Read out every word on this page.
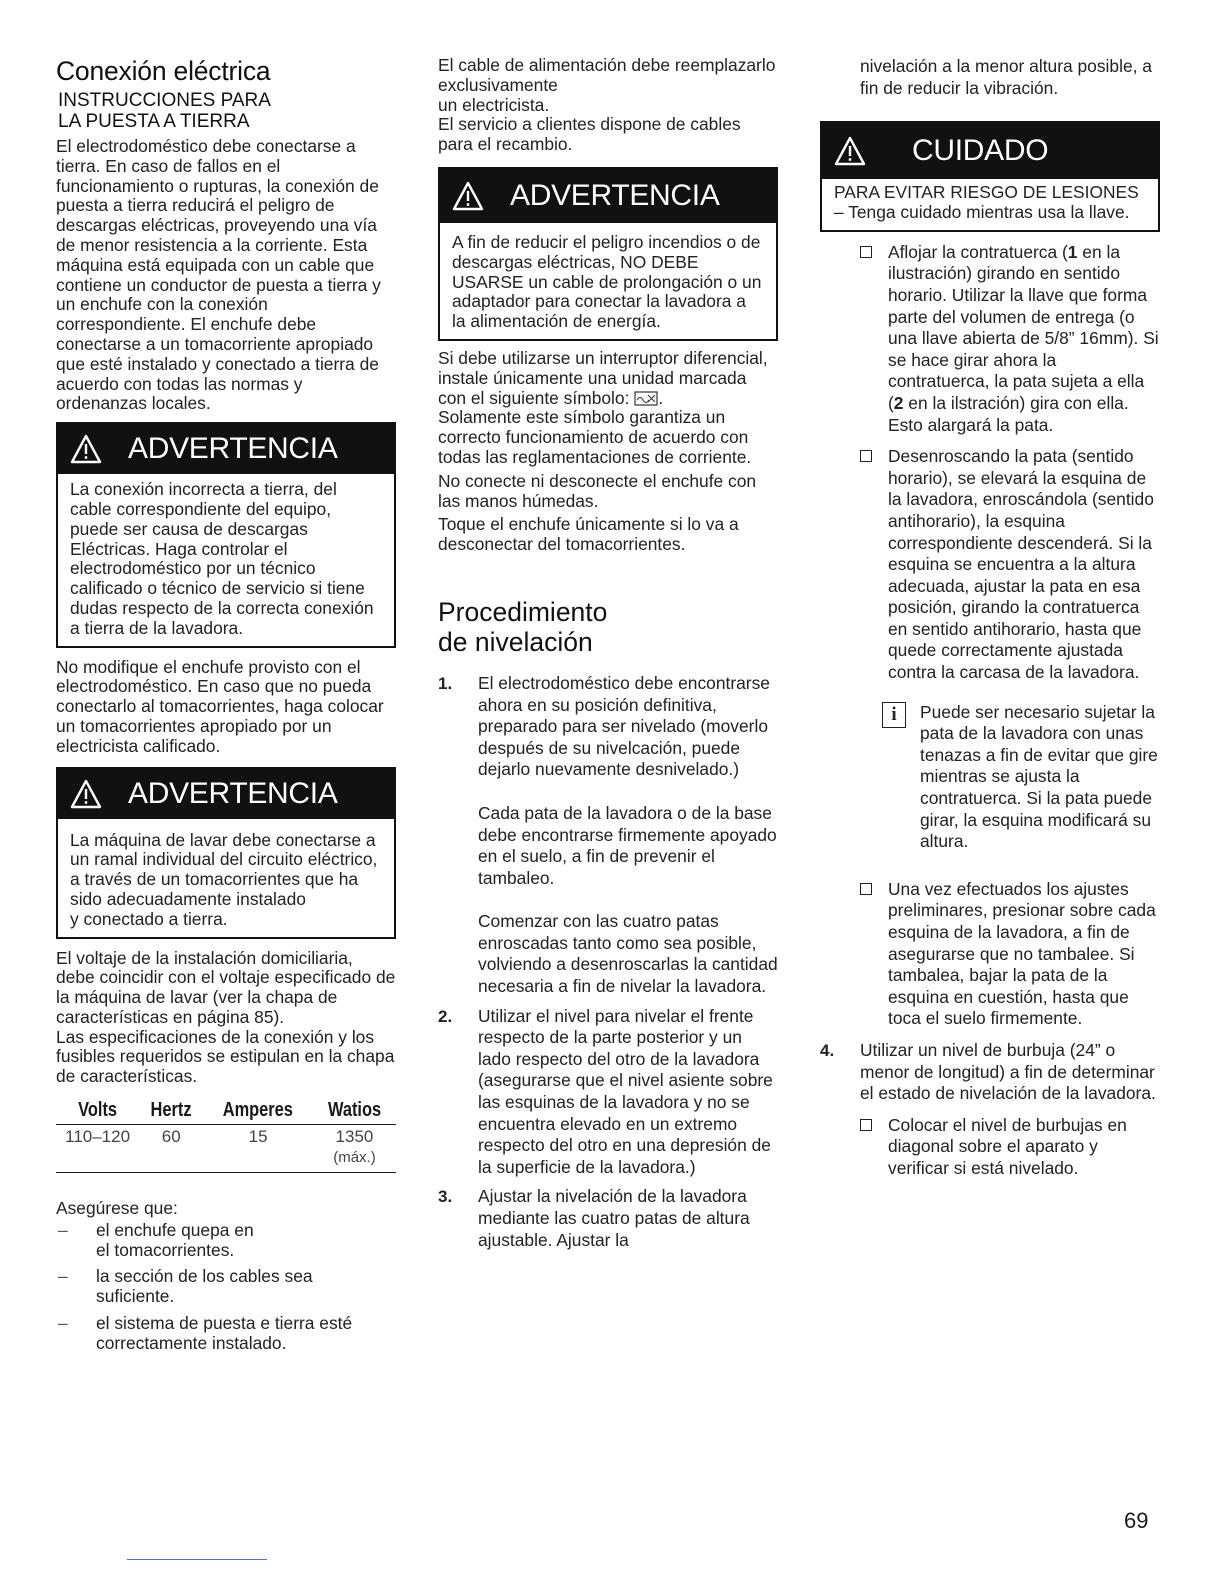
Conexión eléctrica
INSTRUCCIONES PARA
LA PUESTA A TIERRA

El electrodoméstico debe conectarse a tierra. En caso de fallos en el funcionamiento o rupturas, la conexión de puesta a tierra reducirá el peligro de descargas eléctricas, proveyendo una vía de menor resistencia a la corriente. Esta máquina está equipada con un cable que contiene un conductor de puesta a tierra y un enchufe con la conexión correspondiente. El enchufe debe conectarse a un tomacorriente apropiado que esté instalado y conectado a tierra de acuerdo con todas las normas y ordenanzas locales.

ADVERTENCIA
La conexión incorrecta a tierra, del cable correspondiente del equipo, puede ser causa de descargas Eléctricas. Haga controlar el electrodoméstico por un técnico calificado o técnico de servicio si tiene dudas respecto de la correcta conexión a tierra de la lavadora.

No modifique el enchufe provisto con el electrodoméstico. En caso que no pueda conectarlo al tomacorrientes, haga colocar un tomacorrientes apropiado por un electricista calificado.

ADVERTENCIA
La máquina de lavar debe conectarse a un ramal individual del circuito eléctrico, a través de un tomacorrientes que ha sido adecuadamente instalado
y conectado a tierra.

El voltaje de la instalación domiciliaria, debe coincidir con el voltaje especificado de la máquina de lavar (ver la chapa de características en página 85).

Las especificaciones de la conexión y los fusibles requeridos se estipulan en la chapa de características.

Volts	Hertz	Amperes	Watios
110–120	60	15	1350
			(máx.)

Asegúrese que:

– el enchufe quepa en
el tomacorrientes.
– la sección de los cables sea
suficiente.
– el sistema de puesta e tierra esté
correctamente instalado.
El cable de alimentación debe reemplazarlo exclusivamente
un electricista.
El servicio a clientes dispone de cables para el recambio.
ADVERTENCIA
A fin de reducir el peligro incendios o de descargas eléctricas, NO DEBE USARSE un cable de prolongación o un adaptador para conectar la lavadora a la alimentación de energía.

Si debe utilizarse un interruptor diferencial, instale únicamente una unidad marcada con el siguiente símbolo: .

Solamente este símbolo garantiza un correcto funcionamiento de acuerdo con todas las reglamentaciones de corriente.

No conecte ni desconecte el enchufe con las manos húmedas.

Toque el enchufe únicamente si lo va a desconectar del tomacorrientes.

Procedimiento
de nivelación
1. El electrodoméstico debe encontrarse ahora en su posición definitiva, preparado para ser nivelado (moverlo después de su nivelcación, puede dejarlo nuevamente desnivelado.)

Cada pata de la lavadora o de la base debe encontrarse firmemente apoyado en el suelo, a fin de prevenir el tambaleo.

Comenzar con las cuatro patas enroscadas tanto como sea posible, volviendo a desenroscarlas la cantidad necesaria a fin de nivelar la lavadora.

2. Utilizar el nivel para nivelar el frente respecto de la parte posterior y un lado respecto del otro de la lavadora (asegurarse que el nivel asiente sobre las esquinas de la lavadora y no se encuentra elevado en un extremo respecto del otro en una depresión de la superficie de la lavadora.)

3. Ajustar la nivelación de la lavadora mediante las cuatro patas de altura ajustable. Ajustar la

nivelación a la menor altura posible, a fin de reducir la vibración.

CUIDADO
PARA EVITAR RIESGO DE LESIONES – Tenga cuidado mientras usa la llave.
Aflojar la contratuerca (1 en la ilustración) girando en sentido horario. Utilizar la llave que forma parte del volumen de entrega (o una llave abierta de 5/8” 16mm). Si se hace girar ahora la contratuerca, la pata sujeta a ella (2 en la ilstración) gira con ella. Esto alargará la pata.
Desenroscando la pata (sentido horario), se elevará la esquina de la lavadora, enroscándola (sentido antihorario), la esquina correspondiente descenderá. Si la esquina se encuentra a la altura adecuada, ajustar la pata en esa posición, girando la contratuerca en sentido antihorario, hasta que quede correctamente ajustada contra la carcasa de la lavadora.
i	Puede ser necesario sujetar la pata de la lavadora con unas tenazas a fin de evitar que gire mientras se ajusta la contratuerca. Si la pata puede girar, la esquina modificará su altura.
Una vez efectuados los ajustes preliminares, presionar sobre cada esquina de la lavadora, a fin de asegurarse que no tambalee. Si tambalea, bajar la pata de la esquina en cuestión, hasta que toca el suelo firmemente.
4. Utilizar un nivel de burbuja (24” o menor de longitud) a fin de determinar el estado de nivelación de la lavadora.

Colocar el nivel de burbujas en diagonal sobre el aparato y verificar si está nivelado.
69
